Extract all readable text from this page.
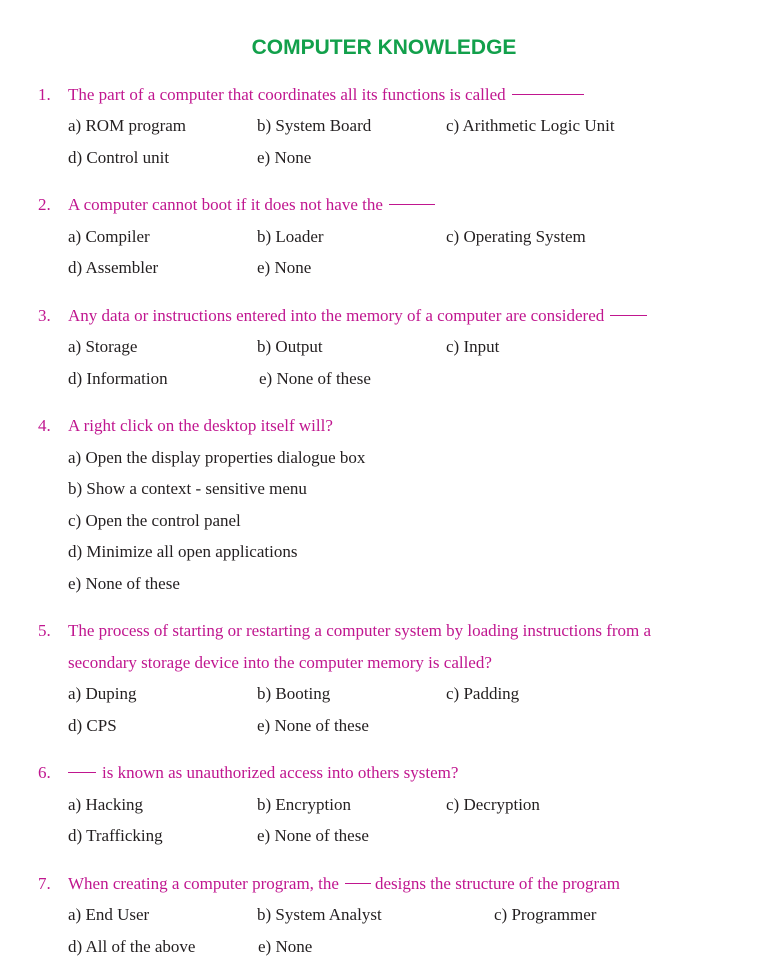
COMPUTER KNOWLEDGE
1. The part of a computer that coordinates all its functions is called
a) ROM program	b) System Board	c) Arithmetic Logic Unit
d) Control unit	e) None
2. A computer cannot boot if it does not have the
a) Compiler	b) Loader	c) Operating System
d) Assembler	e) None
3. Any data or instructions entered into the memory of a computer are considered
a) Storage	b) Output	c) Input
d) Information	e) None of these
4. A right click on the desktop itself will?
a) Open the display properties dialogue box
b) Show a context - sensitive menu
c) Open the control panel
d) Minimize all open applications
e) None of these
5. The process of starting or restarting a computer system by loading instructions from a
secondary storage device into the computer memory is called?
a) Duping	b) Booting	c) Padding
d) CPS	e) None of these
6.	is known as unauthorized access into others system?
a) Hacking	b) Encryption	c) Decryption
d) Trafficking	e) None of these
7. When creating a computer program, the designs the structure of the program
a) End User	b) System Analyst	c) Programmer
d) All of the above	e) None
